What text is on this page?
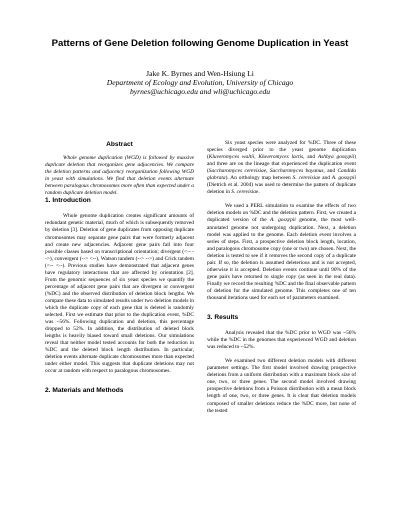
Patterns of Gene Deletion following Genome Duplication in Yeast
Jake K. Byrnes and Wen-Hsiung Li
Department of Ecology and Evolution, University of Chicago
byrnes@uchicago.edu and wli@uchicago.edu
Abstract

Whole genome duplication (WGD) is followed by massive duplicate deletion that reorganizes gene adjacencies. We compare the deletion patterns and adjacency reorganization following WGD in yeast with simulations. We find that deletion events alternate between paralogous chromosomes more often than expected under a random duplicate deletion model.

1. Introduction

Whole genome duplication creates significant amounts of redundant genetic material, much of which is subsequently removed by deletion [3]. Deletion of gene duplicates from opposing duplicate chromosomes may separate gene pairs that were formerly adjacent and create new adjacencies. Adjacent gene pairs fall into four possible classes based on transcriptional orientation; divergent (<-- -->), convergent (--> <--), Watson tandem (--> -->) and Crick tandem (<-- <--). Previous studies have demonstrated that adjacent genes have regulatory interactions that are affected by orientation [2]. From the genomic sequences of six yeast species we quantify the percentage of adjacent gene pairs that are divergent or convergent (%DC) and the observed distribution of deletion block lengths. We compare these data to simulated results under two deletion models in which the duplicate copy of each gene that is deleted is randomly selected. First we estimate that prior to the duplication event, %DC was ~56%. Following duplication and deletion, this percentage dropped to 52%. In addition, the distribution of deleted block lengths is heavily biased toward small deletions. Our simulations reveal that neither model tested accounts for both the reduction in %DC and the deleted block length distribution. In particular, deletion events alternate duplicate chromosomes more than expected under either model. This suggests that duplicate deletions may not occur at random with respect to paralogous chromosomes.

2. Materials and Methods

Six yeast species were analyzed for %DC. Three of these species diverged prior to the yeast genome duplication (Kluveromyces waltii, Kluveromyces lactis, and Ashbya gossypii) and three are on the lineage that experienced the duplication event (Saccharomyces cerevisiae, Saccharomyces bayanus, and Candida glabrata). An orthology map between S. cerevisiae and A. gossypii (Dietrich et al. 2004) was used to determine the pattern of duplicate deletion in S. cerevisiae.

We used a PERL simulation to examine the effects of two deletion models on %DC and the deletion pattern. First, we created a duplicated version of the A. gossypii genome, the most well-annotated genome not undergoing duplication. Next, a deletion model was applied to the genome. Each deletion event involves a series of steps. First, a prospective deletion block length, location, and paralogous chromosome copy (one or two) are chosen. Next, the deletion is tested to see if it removes the second copy of a duplicate pair. If so, the deletion is assumed deleterious and is not accepted, otherwise it is accepted. Deletion events continue until 90% of the gene pairs have returned to single copy (as seen in the real data). Finally we record the resulting %DC and the final observable pattern of deletion for the simulated genome. This completes one of ten thousand iterations used for each set of parameters examined.

3. Results

Analysis revealed that the %DC prior to WGD was ~56% while the %DC in the genomes that experienced WGD and deletion was reduced to ~52%.

We examined two different deletion models with different parameter settings. The first model involved drawing prospective deletions from a uniform distribution with a maximum block size of one, two, or three genes. The second model involved drawing prospective deletions from a Poisson distribution with a mean block length of one, two, or three genes. It is clear that deletion models composed of smaller deletions reduce the %DC more, but none of the tested
